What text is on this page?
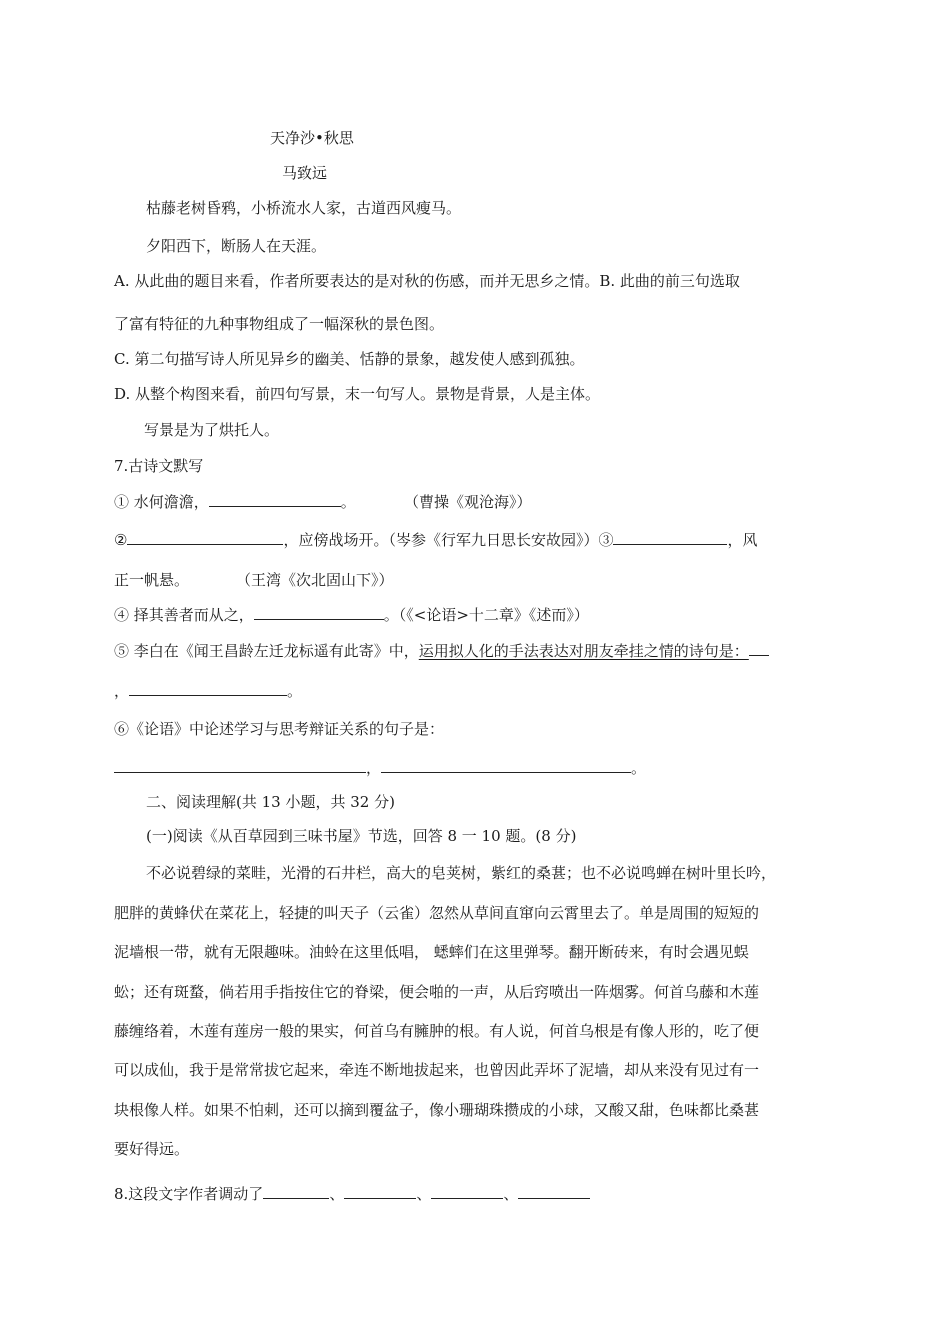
天净沙•秋思
马致远
枯藤老树昏鸦，小桥流水人家，古道西风瘦马。
夕阳西下，断肠人在天涯。
A. 从此曲的题目来看，作者所要表达的是对秋的伤感，而并无思乡之情。B. 此曲的前三句选取
了富有特征的九种事物组成了一幅深秋的景色图。
C. 第二句描写诗人所见异乡的幽美、恬静的景象，越发使人感到孤独。
D. 从整个构图来看，前四句写景，末一句写人。景物是背景，人是主体。
写景是为了烘托人。
7.古诗文默写
① 水何澹澹，	。	（曹操《观沧海》）
②	，应傍战场开。（岑参《行军九日思长安故园》）③	，风
正一帆悬。	（王湾《次北固山下》）
④ 择其善者而从之，	。（《<论语>十二章》《述而》）
⑤ 李白在《闻王昌龄左迁龙标遥有此寄》中，运用拟人化的手法表达对朋友牵挂之情的诗句是：
，	。
⑥《论语》中论述学习与思考辩证关系的句子是：
，	。
二、阅读理解(共 13 小题，共 32 分)
(一)阅读《从百草园到三味书屋》节选，回答 8 一 10 题。(8 分)
不必说碧绿的菜畦，光滑的石井栏，高大的皂荚树，紫红的桑葚；也不必说鸣蝉在树叶里长吟，
肥胖的黄蜂伏在菜花上，轻捷的叫天子（云雀）忽然从草间直窜向云霄里去了。单是周围的短短的
泥墙根一带，就有无限趣味。油蛉在这里低唱， 蟋蟀们在这里弹琴。翻开断砖来，有时会遇见蜈
蚣；还有斑蝥，倘若用手指按住它的脊梁，便会啪的一声，从后窍喷出一阵烟雾。何首乌藤和木莲
藤缠络着，木莲有莲房一般的果实，何首乌有臃肿的根。有人说，何首乌根是有像人形的，吃了便
可以成仙，我于是常常拔它起来，牵连不断地拔起来，也曾因此弄坏了泥墙，却从来没有见过有一
块根像人样。如果不怕刺，还可以摘到覆盆子，像小珊瑚珠攒成的小球，又酸又甜，色味都比桑葚
要好得远。
8.这段文字作者调动了	、	、	、
